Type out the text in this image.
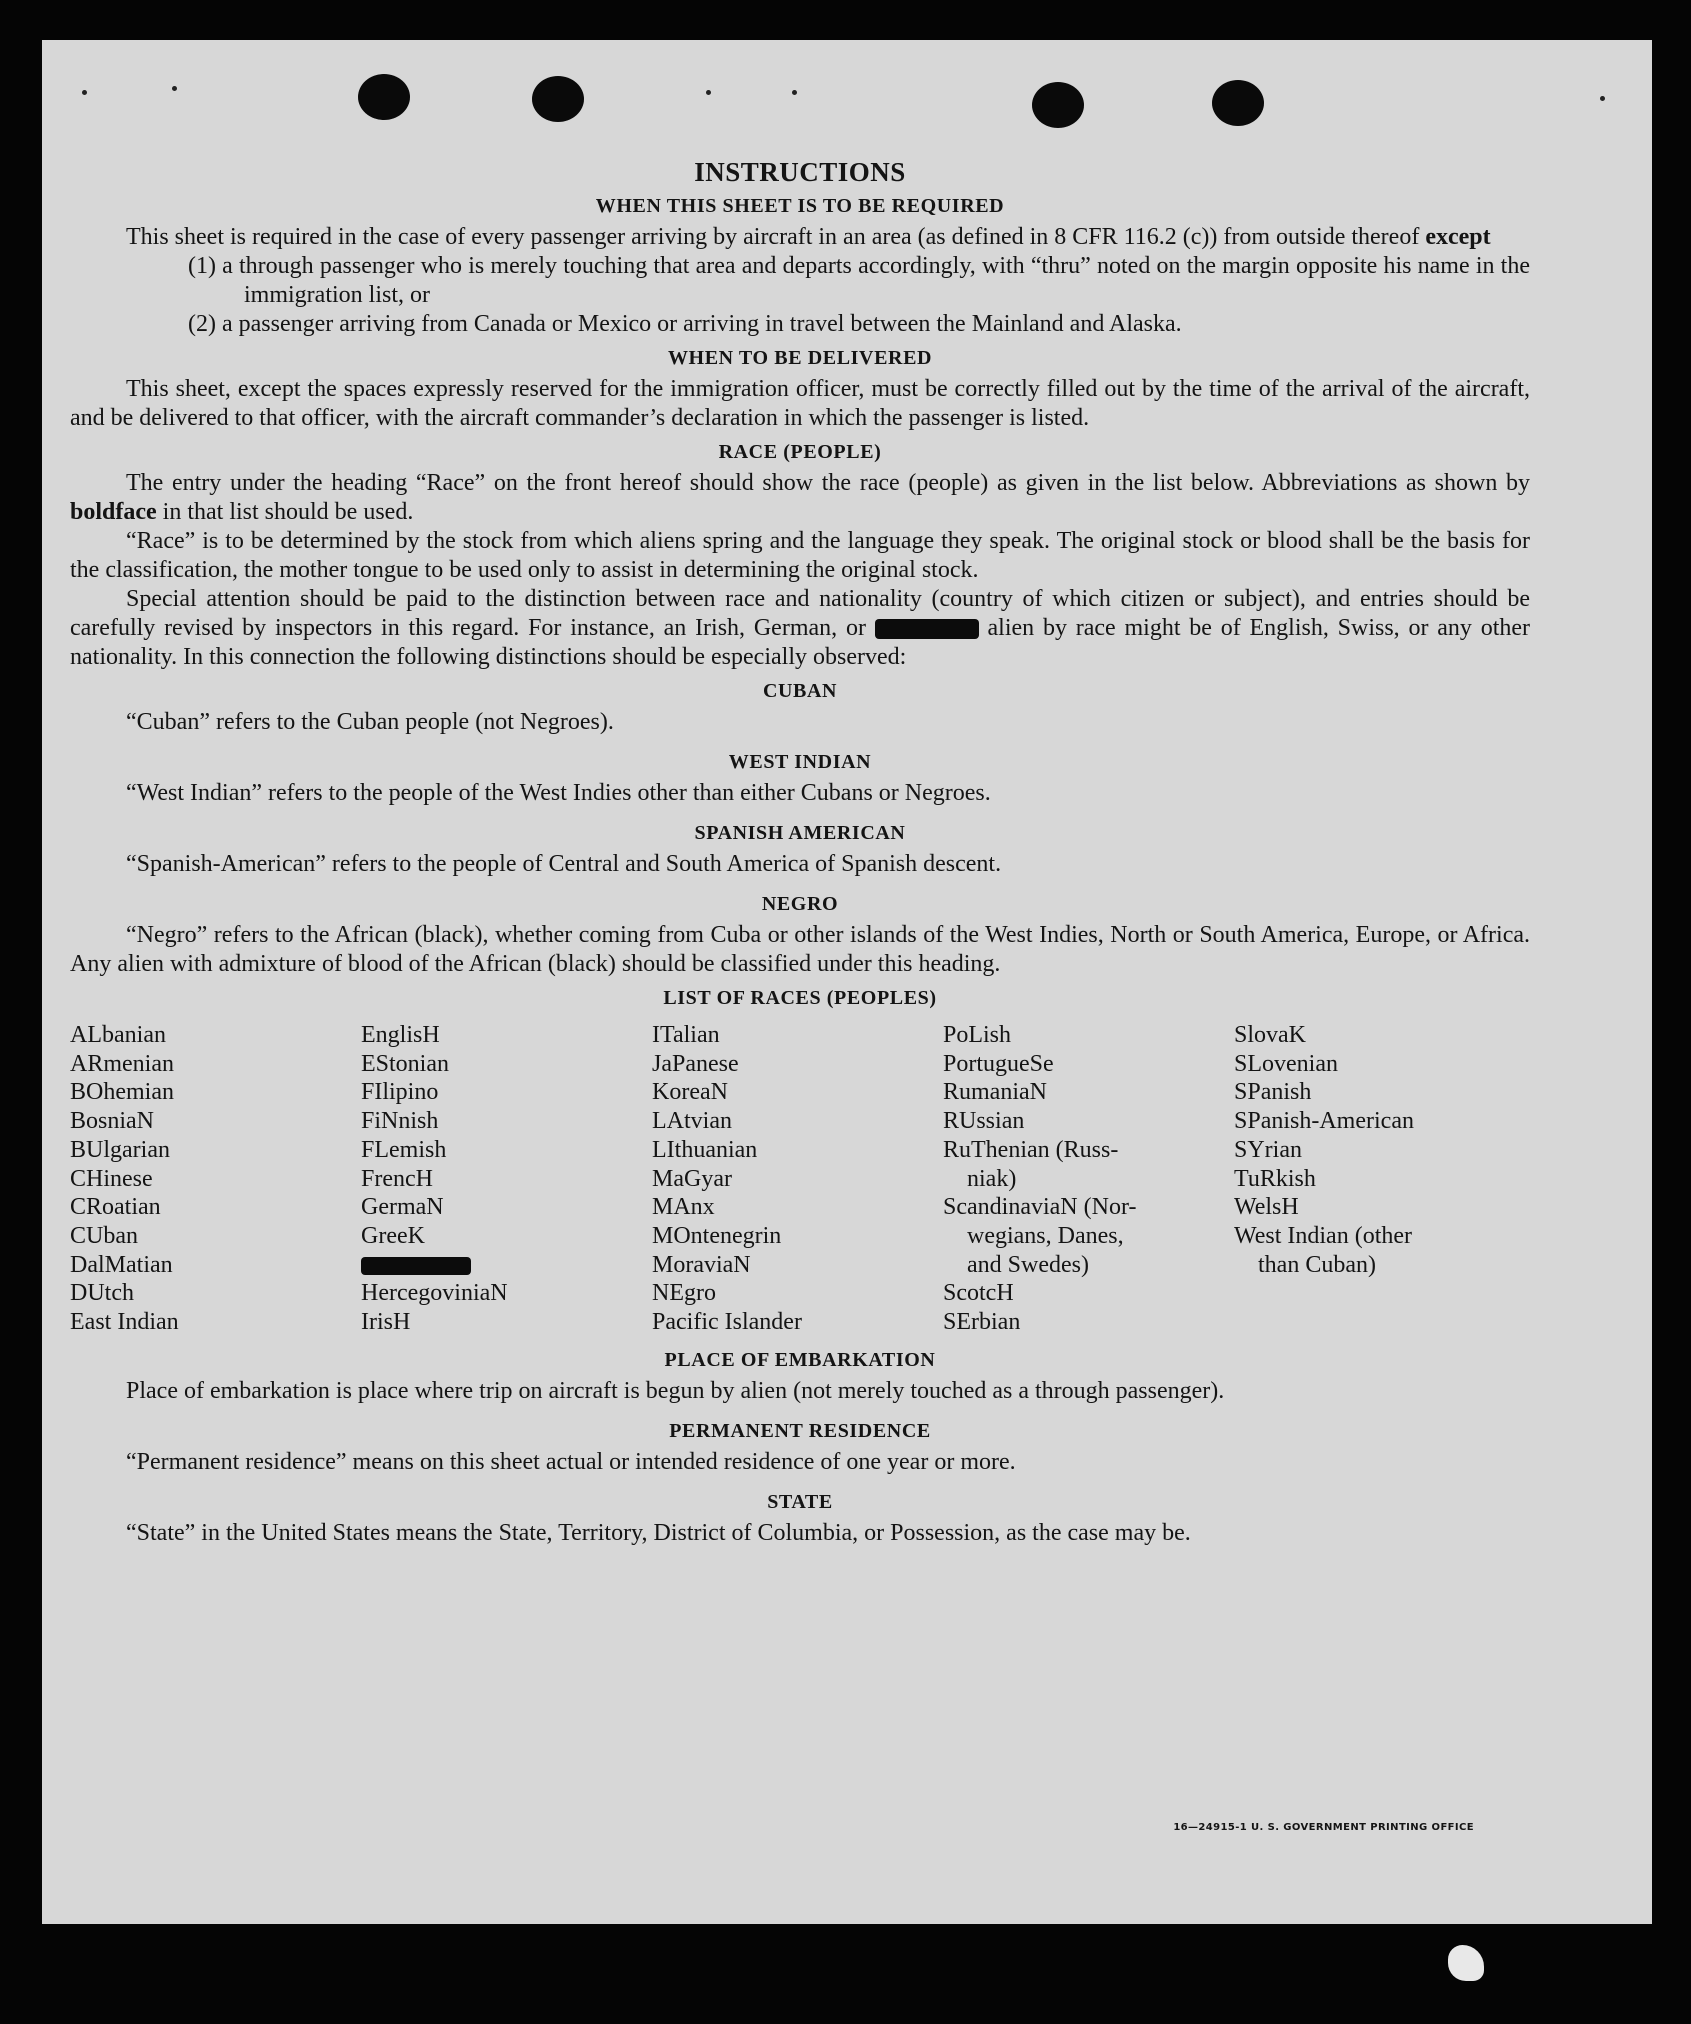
INSTRUCTIONS
WHEN THIS SHEET IS TO BE REQUIRED

This sheet is required in the case of every passenger arriving by aircraft in an area (as defined in 8 CFR 116.2 (c)) from outside thereof except

(1) a through passenger who is merely touching that area and departs accordingly, with “thru” noted on the margin opposite his name in the immigration list, or

(2) a passenger arriving from Canada or Mexico or arriving in travel between the Mainland and Alaska.

WHEN TO BE DELIVERED

This sheet, except the spaces expressly reserved for the immigration officer, must be correctly filled out by the time of the arrival of the aircraft, and be delivered to that officer, with the aircraft commander’s declaration in which the passenger is listed.

RACE (PEOPLE)

The entry under the heading “Race” on the front hereof should show the race (people) as given in the list below. Abbreviations as shown by boldface in that list should be used.

“Race” is to be determined by the stock from which aliens spring and the language they speak. The original stock or blood shall be the basis for the classification, the mother tongue to be used only to assist in determining the original stock.

Special attention should be paid to the distinction between race and nationality (country of which citizen or subject), and entries should be carefully revised by inspectors in this regard. For instance, an Irish, German, or	alien by race might be of English, Swiss, or any other nationality. In this connection the following distinctions should be especially observed:

CUBAN

“Cuban” refers to the Cuban people (not Negroes).

WEST INDIAN

“West Indian” refers to the people of the West Indies other than either Cubans or Negroes.

SPANISH AMERICAN

“Spanish-American” refers to the people of Central and South America of Spanish descent.

NEGRO

“Negro” refers to the African (black), whether coming from Cuba or other islands of the West Indies, North or South America, Europe, or Africa. Any alien with admixture of blood of the African (black) should be classified under this heading.

LIST OF RACES (PEOPLES)
ALbanian
ARmenian
BOhemian
BosniaN
BUlgarian
CHinese
CRoatian
CUban
DalMatian
DUtch
East Indian
EnglisH
EStonian
FIlipino
FiNnish
FLemish
FrencH
GermaN
GreeK
HercegoviniaN
IrisH
ITalian
JaPanese
KoreaN
LAtvian
LIthuanian
MaGyar
MAnx
MOntenegrin
MoraviaN
NEgro
Pacific Islander
PoLish
PortugueSe
RumaniaN
RUssian
RuThenian (Russ-
niak)
ScandinaviaN (Nor-
wegians, Danes,
and Swedes)
ScotcH
SErbian
SlovaK
SLovenian
SPanish
SPanish-American
SYrian
TuRkish
WelsH
West Indian (other
than Cuban)

PLACE OF EMBARKATION

Place of embarkation is place where trip on aircraft is begun by alien (not merely touched as a through passenger).

PERMANENT RESIDENCE

“Permanent residence” means on this sheet actual or intended residence of one year or more.

STATE

“State” in the United States means the State, Territory, District of Columbia, or Possession, as the case may be.

16—24915-1 U. S. GOVERNMENT PRINTING OFFICE
